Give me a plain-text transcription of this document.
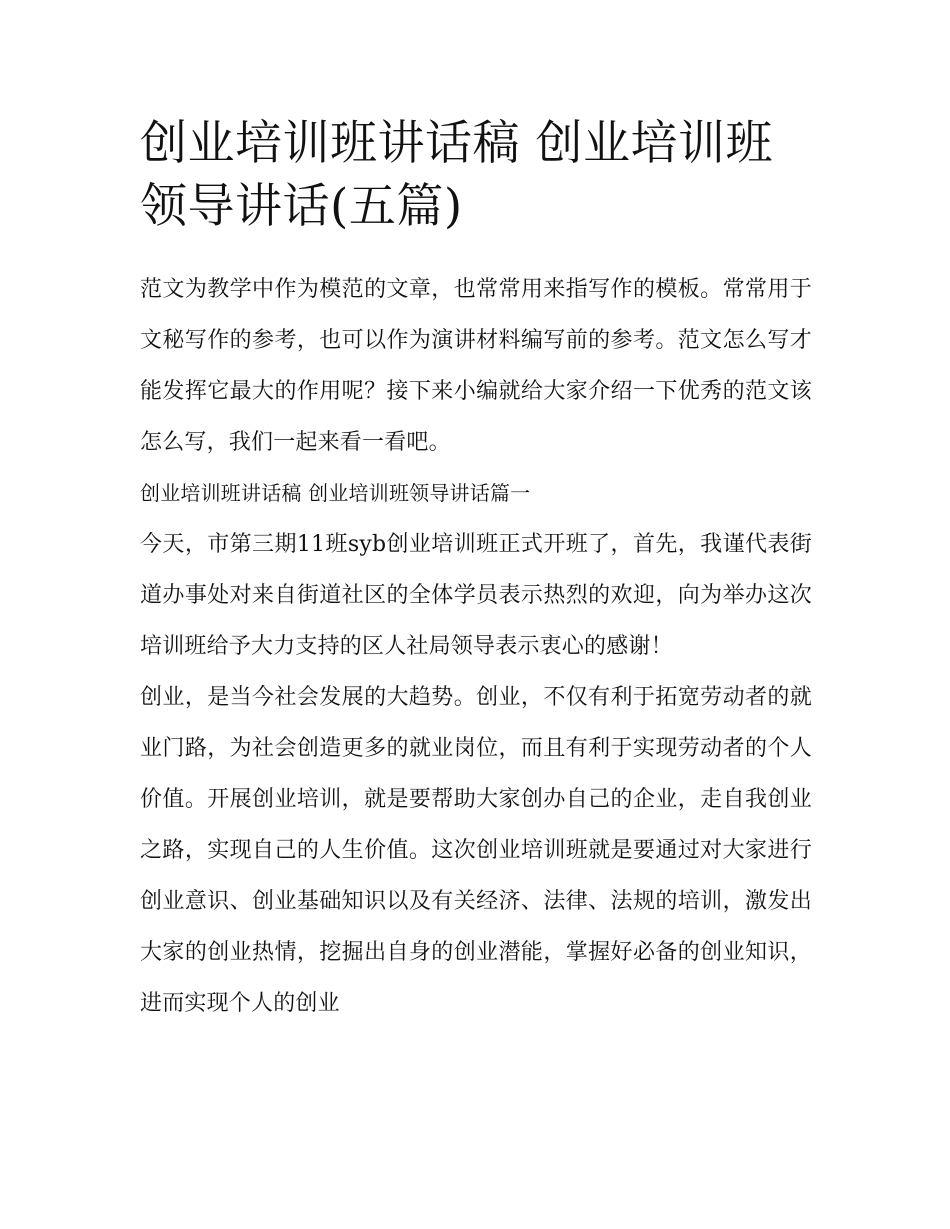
创业培训班讲话稿 创业培训班领导讲话(五篇)

范文为教学中作为模范的文章，也常常用来指写作的模板。常常用于文秘写作的参考，也可以作为演讲材料编写前的参考。范文怎么写才能发挥它最大的作用呢？接下来小编就给大家介绍一下优秀的范文该怎么写，我们一起来看一看吧。

创业培训班讲话稿 创业培训班领导讲话篇一

今天，市第三期11班syb创业培训班正式开班了，首先，我谨代表街道办事处对来自街道社区的全体学员表示热烈的欢迎，向为举办这次培训班给予大力支持的区人社局领导表示衷心的感谢！

创业，是当今社会发展的大趋势。创业，不仅有利于拓宽劳动者的就业门路，为社会创造更多的就业岗位，而且有利于实现劳动者的个人价值。开展创业培训，就是要帮助大家创办自己的企业，走自我创业之路，实现自己的人生价值。这次创业培训班就是要通过对大家进行创业意识、创业基础知识以及有关经济、法律、法规的培训，激发出大家的创业热情，挖掘出自身的创业潜能，掌握好必备的创业知识，进而实现个人的创业
